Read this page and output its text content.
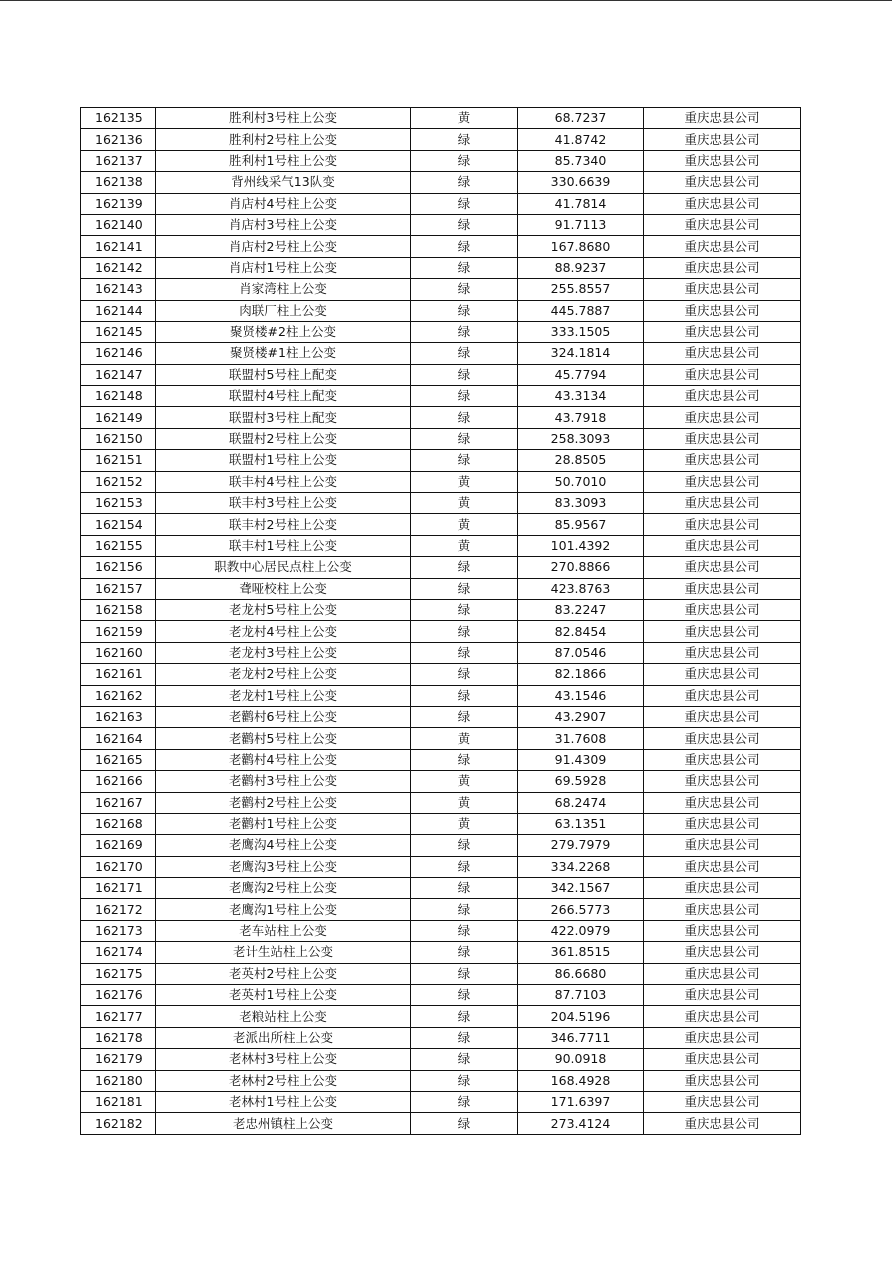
162135	胜利村3号柱上公变	黄	68.7237	重庆忠县公司
162136	胜利村2号柱上公变	绿	41.8742	重庆忠县公司
162137	胜利村1号柱上公变	绿	85.7340	重庆忠县公司
162138	背州线采气13队变	绿	330.6639	重庆忠县公司
162139	肖店村4号柱上公变	绿	41.7814	重庆忠县公司
162140	肖店村3号柱上公变	绿	91.7113	重庆忠县公司
162141	肖店村2号柱上公变	绿	167.8680	重庆忠县公司
162142	肖店村1号柱上公变	绿	88.9237	重庆忠县公司
162143	肖家湾柱上公变	绿	255.8557	重庆忠县公司
162144	肉联厂柱上公变	绿	445.7887	重庆忠县公司
162145	聚贤楼#2柱上公变	绿	333.1505	重庆忠县公司
162146	聚贤楼#1柱上公变	绿	324.1814	重庆忠县公司
162147	联盟村5号柱上配变	绿	45.7794	重庆忠县公司
162148	联盟村4号柱上配变	绿	43.3134	重庆忠县公司
162149	联盟村3号柱上配变	绿	43.7918	重庆忠县公司
162150	联盟村2号柱上公变	绿	258.3093	重庆忠县公司
162151	联盟村1号柱上公变	绿	28.8505	重庆忠县公司
162152	联丰村4号柱上公变	黄	50.7010	重庆忠县公司
162153	联丰村3号柱上公变	黄	83.3093	重庆忠县公司
162154	联丰村2号柱上公变	黄	85.9567	重庆忠县公司
162155	联丰村1号柱上公变	黄	101.4392	重庆忠县公司
162156	职教中心居民点柱上公变	绿	270.8866	重庆忠县公司
162157	聋哑校柱上公变	绿	423.8763	重庆忠县公司
162158	老龙村5号柱上公变	绿	83.2247	重庆忠县公司
162159	老龙村4号柱上公变	绿	82.8454	重庆忠县公司
162160	老龙村3号柱上公变	绿	87.0546	重庆忠县公司
162161	老龙村2号柱上公变	绿	82.1866	重庆忠县公司
162162	老龙村1号柱上公变	绿	43.1546	重庆忠县公司
162163	老鹳村6号柱上公变	绿	43.2907	重庆忠县公司
162164	老鹳村5号柱上公变	黄	31.7608	重庆忠县公司
162165	老鹳村4号柱上公变	绿	91.4309	重庆忠县公司
162166	老鹳村3号柱上公变	黄	69.5928	重庆忠县公司
162167	老鹳村2号柱上公变	黄	68.2474	重庆忠县公司
162168	老鹳村1号柱上公变	黄	63.1351	重庆忠县公司
162169	老鹰沟4号柱上公变	绿	279.7979	重庆忠县公司
162170	老鹰沟3号柱上公变	绿	334.2268	重庆忠县公司
162171	老鹰沟2号柱上公变	绿	342.1567	重庆忠县公司
162172	老鹰沟1号柱上公变	绿	266.5773	重庆忠县公司
162173	老车站柱上公变	绿	422.0979	重庆忠县公司
162174	老计生站柱上公变	绿	361.8515	重庆忠县公司
162175	老英村2号柱上公变	绿	86.6680	重庆忠县公司
162176	老英村1号柱上公变	绿	87.7103	重庆忠县公司
162177	老粮站柱上公变	绿	204.5196	重庆忠县公司
162178	老派出所柱上公变	绿	346.7711	重庆忠县公司
162179	老林村3号柱上公变	绿	90.0918	重庆忠县公司
162180	老林村2号柱上公变	绿	168.4928	重庆忠县公司
162181	老林村1号柱上公变	绿	171.6397	重庆忠县公司
162182	老忠州镇柱上公变	绿	273.4124	重庆忠县公司
